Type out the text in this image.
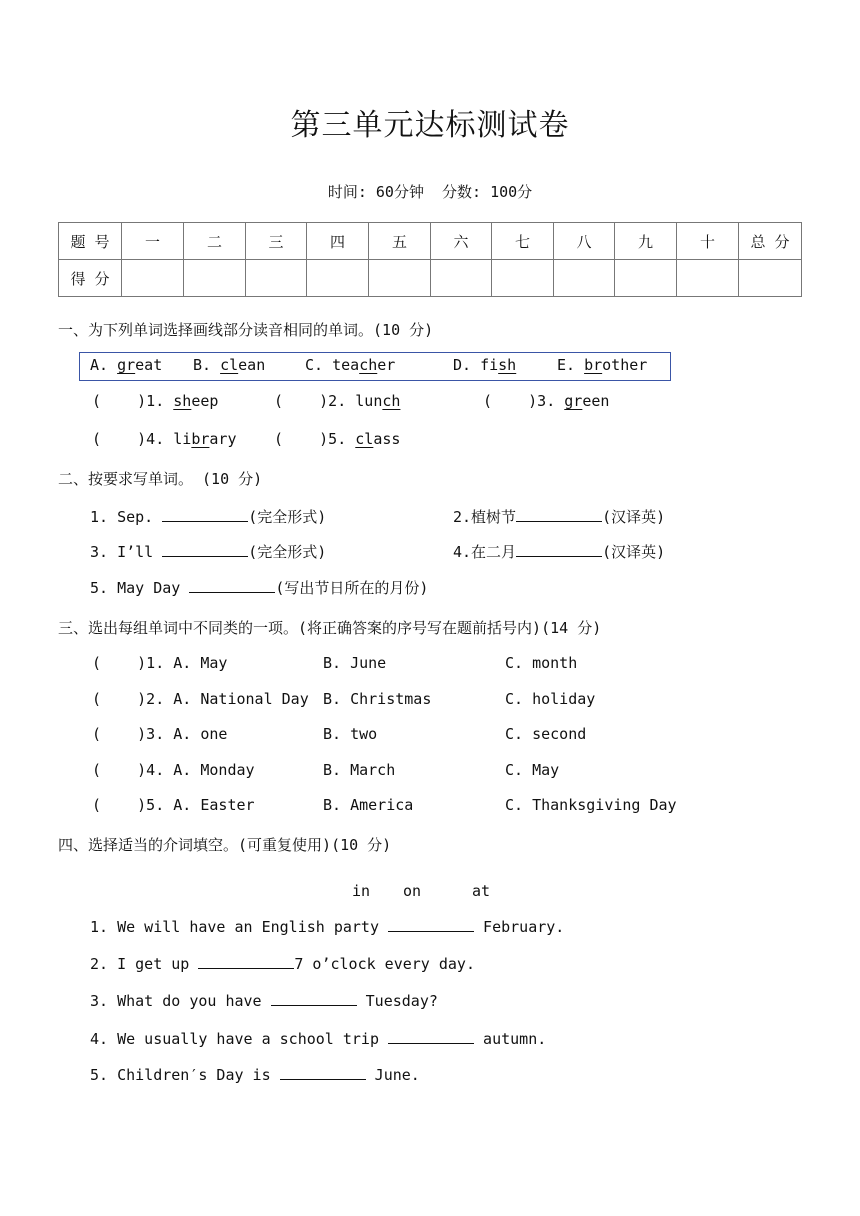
第三单元达标测试卷
时间: 60分钟  分数: 100分
题 号	一	二	三	四	五	六	七	八	九	十	总 分
得 分											
一、为下列单词选择画线部分读音相同的单词。(10 分)
A. great B. clean	C. teacher	D. fish	E. brother
(    )1. sheep	(    )2. lunch	(    )3. green
(    )4. library	(    )5. class
二、按要求写单词。 (10 分)
1. Sep.	(完全形式)	2.植树节	(汉译英)
3. I’ll	(完全形式)	4.在二月	(汉译英)
5. May Day	(写出节日所在的月份)
三、选出每组单词中不同类的一项。(将正确答案的序号写在题前括号内)(14 分)
(    )1. A. May	B. June	C. month
(    )2. A. National Day B. Christmas	C. holiday
(    )3. A. one	B. two	C. second
(    )4. A. Monday	B. March	C. May
(    )5. A. Easter	B. America	C. Thanksgiving Day
四、选择适当的介词填空。(可重复使用)(10 分)
in on	at
1. We will have an English party	February.
2. I get up	7 o’clock every day.
3. What do you have	Tuesday?
4. We usually have a school trip	autumn.
5. Children′s Day is	June.
